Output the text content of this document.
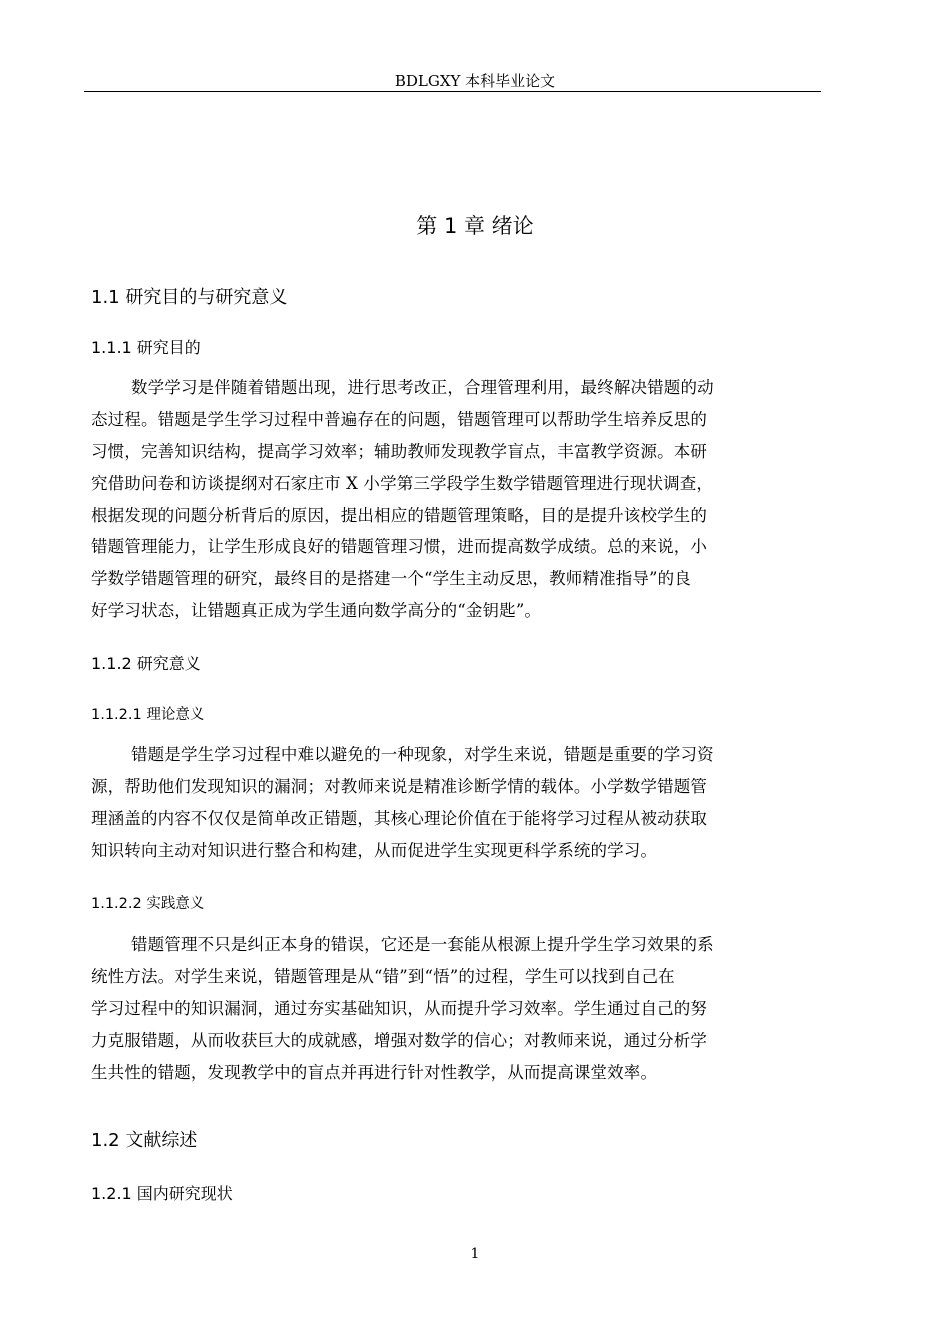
BDLGXY 本科毕业论文
第 1 章 绪论
1.1 研究目的与研究意义
1.1.1 研究目的
数学学习是伴随着错题出现，进行思考改正，合理管理利用，最终解决错题的动
态过程。错题是学生学习过程中普遍存在的问题，错题管理可以帮助学生培养反思的
习惯，完善知识结构，提高学习效率；辅助教师发现教学盲点，丰富教学资源。本研
究借助问卷和访谈提纲对石家庄市 X 小学第三学段学生数学错题管理进行现状调查，
根据发现的问题分析背后的原因，提出相应的错题管理策略，目的是提升该校学生的
错题管理能力，让学生形成良好的错题管理习惯，进而提高数学成绩。总的来说，小
学数学错题管理的研究，最终目的是搭建一个“学生主动反思，教师精准指导”的良
好学习状态，让错题真正成为学生通向数学高分的“金钥匙”。
1.1.2 研究意义
1.1.2.1 理论意义
错题是学生学习过程中难以避免的一种现象，对学生来说，错题是重要的学习资
源，帮助他们发现知识的漏洞；对教师来说是精准诊断学情的载体。小学数学错题管
理涵盖的内容不仅仅是简单改正错题，其核心理论价值在于能将学习过程从被动获取
知识转向主动对知识进行整合和构建，从而促进学生实现更科学系统的学习。
1.1.2.2 实践意义
错题管理不只是纠正本身的错误，它还是一套能从根源上提升学生学习效果的系
统性方法。对学生来说，错题管理是从“错”到“悟”的过程，学生可以找到自己在
学习过程中的知识漏洞，通过夯实基础知识，从而提升学习效率。学生通过自己的努
力克服错题，从而收获巨大的成就感，增强对数学的信心；对教师来说，通过分析学
生共性的错题，发现教学中的盲点并再进行针对性教学，从而提高课堂效率。
1.2 文献综述
1.2.1 国内研究现状
1
